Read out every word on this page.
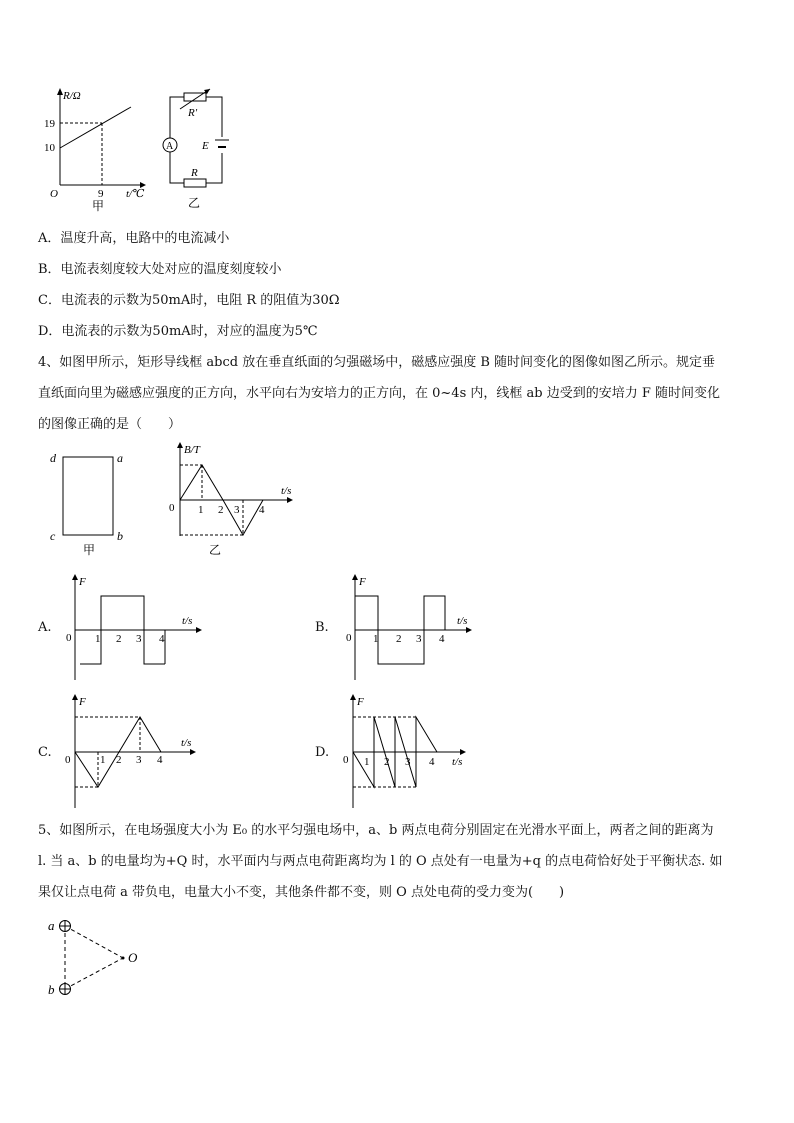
R/Ω
19
10
O	9 t/℃
甲
A
R′
E
R
乙
A．温度升高，电路中的电流减小
B．电流表刻度较大处对应的温度刻度较小
C．电流表的示数为50mA时，电阻 R 的阻值为30Ω
D．电流表的示数为50mA时，对应的温度为5℃
4、如图甲所示，矩形导线框 abcd 放在垂直纸面的匀强磁场中，磁感应强度 B 随时间变化的图像如图乙所示。规定垂
直纸面向里为磁感应强度的正方向，水平向右为安培力的正方向，在 0~4s 内，线框 ab 边受到的安培力 F 随时间变化
的图像正确的是（　　）
d	a
c	b
甲
B/T
t/s
0 1 2 3 4
乙
A.
F
t/s
0 1 2 3 4
B.
F
t/s
0 1 2 3 4
C.
F
t/s
0	1 2 3 4	D.
F
t/s
0 1 2 3 4
5、如图所示，在电场强度大小为 E₀ 的水平匀强电场中，a、b 两点电荷分别固定在光滑水平面上，两者之间的距离为
l. 当 a、b 的电量均为+Q 时，水平面内与两点电荷距离均为 l 的 O 点处有一电量为+q 的点电荷恰好处于平衡状态. 如
果仅让点电荷 a 带负电，电量大小不变，其他条件都不变，则 O 点处电荷的受力变为(　　)
a
b
O
